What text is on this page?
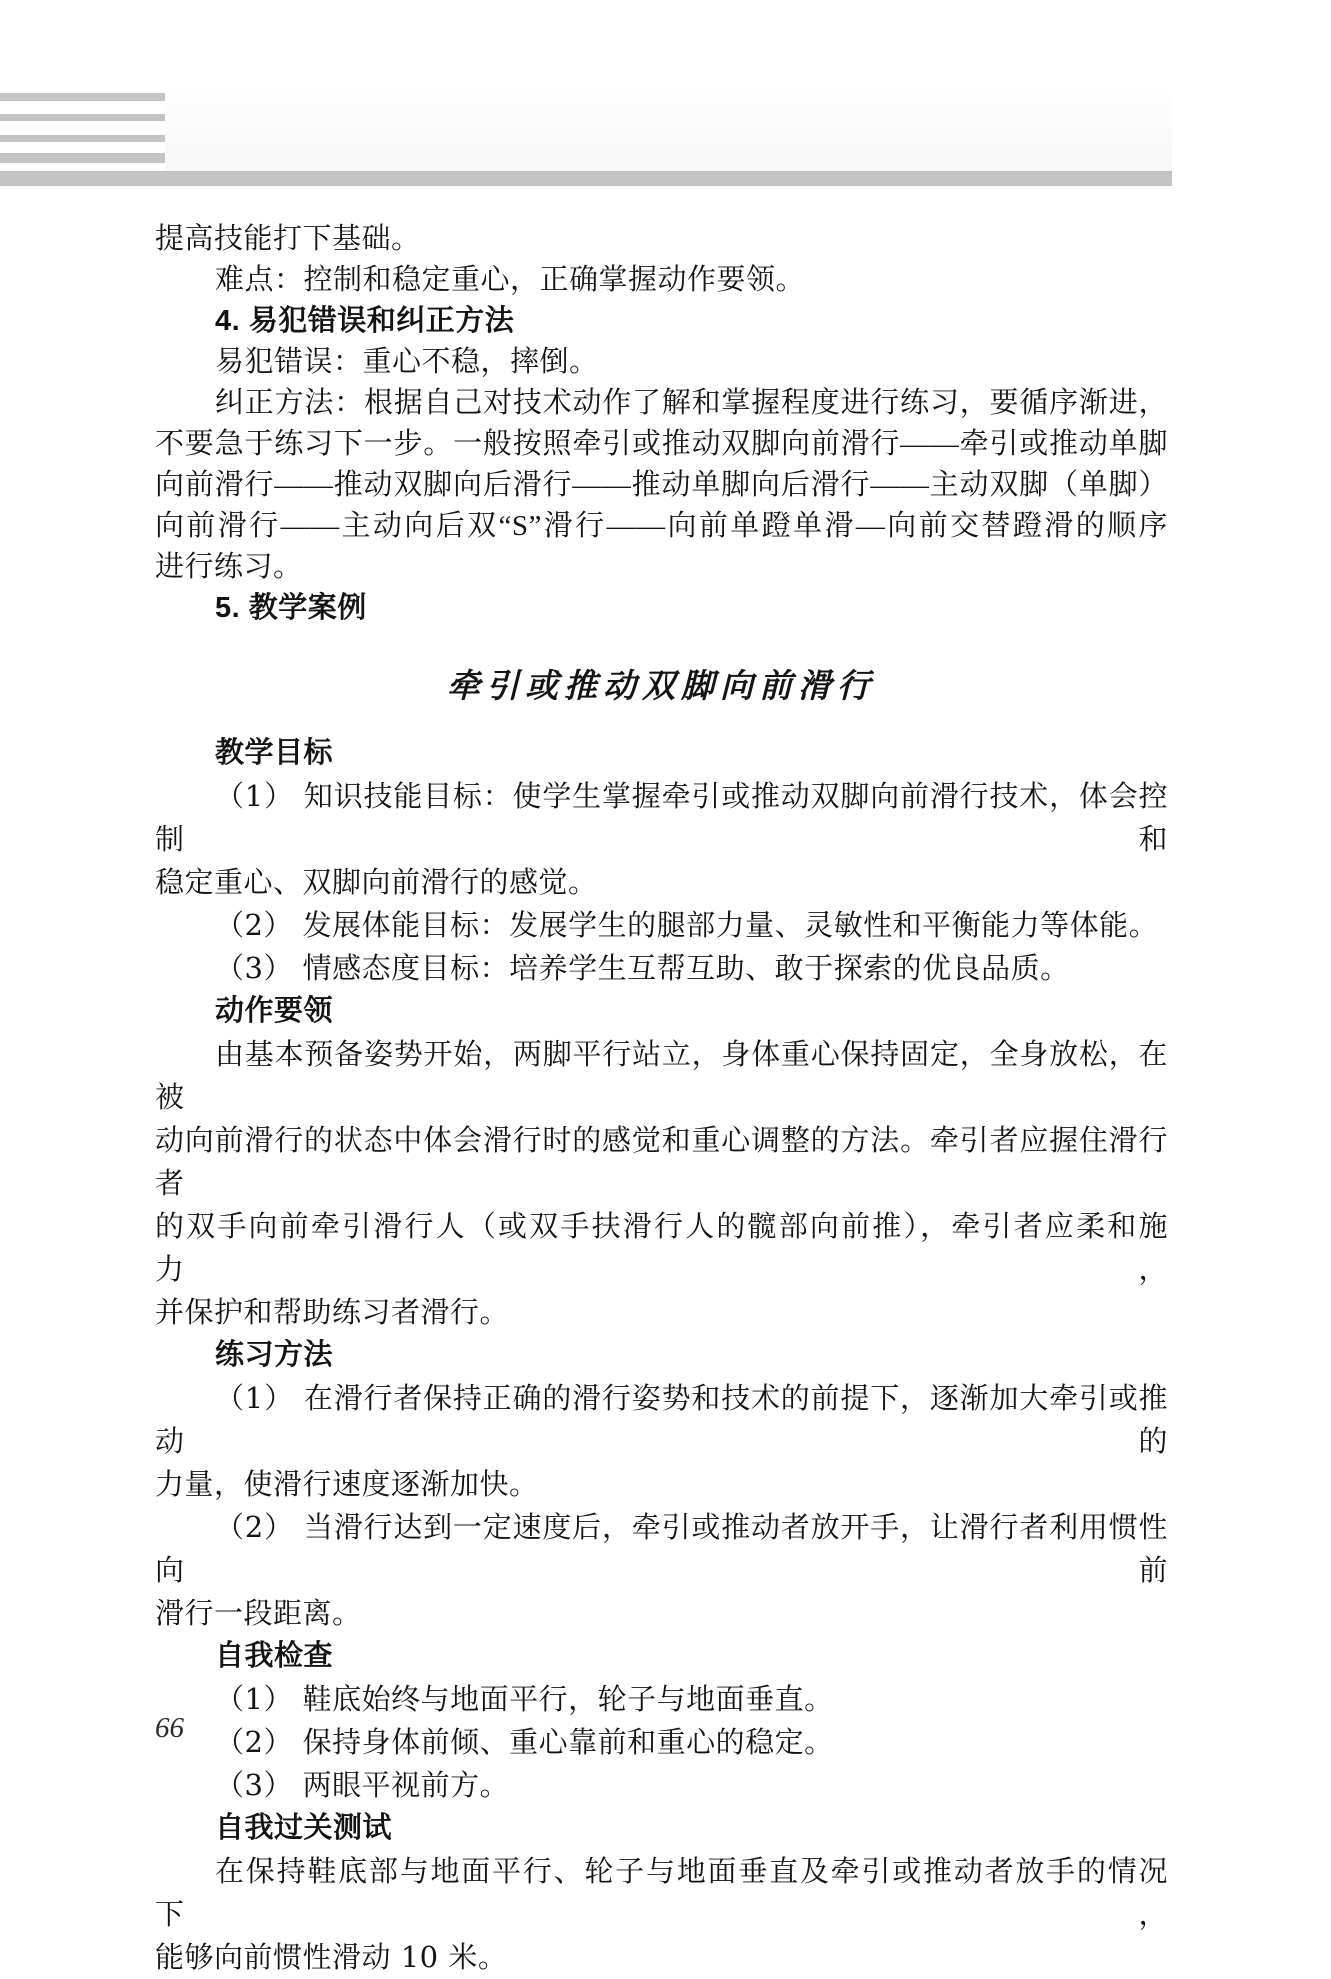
提高技能打下基础。
难点：控制和稳定重心，正确掌握动作要领。
4. 易犯错误和纠正方法
易犯错误：重心不稳，摔倒。
纠正方法：根据自己对技术动作了解和掌握程度进行练习，要循序渐进，
不要急于练习下一步。一般按照牵引或推动双脚向前滑行——牵引或推动单脚
向前滑行——推动双脚向后滑行——推动单脚向后滑行——主动双脚（单脚）
向前滑行——主动向后双“S”滑行——向前单蹬单滑—向前交替蹬滑的顺序
进行练习。
5. 教学案例
牵引或推动双脚向前滑行
教学目标
（1） 知识技能目标：使学生掌握牵引或推动双脚向前滑行技术，体会控制和
稳定重心、双脚向前滑行的感觉。
（2） 发展体能目标：发展学生的腿部力量、灵敏性和平衡能力等体能。
（3） 情感态度目标：培养学生互帮互助、敢于探索的优良品质。
动作要领
由基本预备姿势开始，两脚平行站立，身体重心保持固定，全身放松，在被
动向前滑行的状态中体会滑行时的感觉和重心调整的方法。牵引者应握住滑行者
的双手向前牵引滑行人（或双手扶滑行人的髋部向前推），牵引者应柔和施力，
并保护和帮助练习者滑行。
练习方法
（1） 在滑行者保持正确的滑行姿势和技术的前提下，逐渐加大牵引或推动的
力量，使滑行速度逐渐加快。
（2） 当滑行达到一定速度后，牵引或推动者放开手，让滑行者利用惯性向前
滑行一段距离。
自我检查
（1） 鞋底始终与地面平行，轮子与地面垂直。
（2） 保持身体前倾、重心靠前和重心的稳定。
（3） 两眼平视前方。
自我过关测试
在保持鞋底部与地面平行、轮子与地面垂直及牵引或推动者放手的情况下，
能够向前惯性滑动 10 米。
66
